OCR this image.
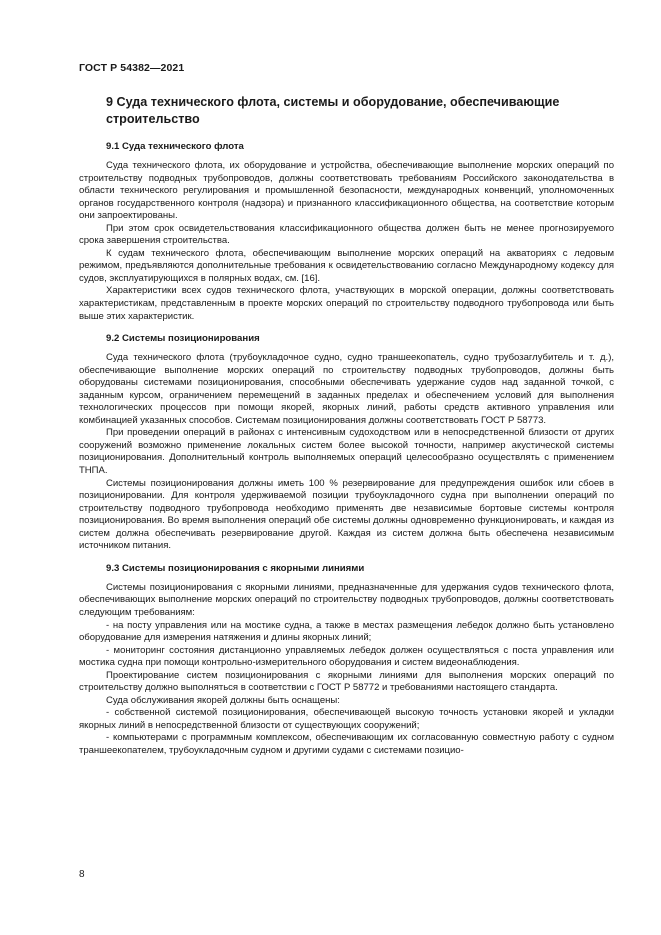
ГОСТ Р 54382—2021
9 Суда технического флота, системы и оборудование, обеспечивающие строительство
9.1 Суда технического флота

Суда технического флота, их оборудование и устройства, обеспечивающие выполнение морских операций по строительству подводных трубопроводов, должны соответствовать требованиям Российского законодательства в области технического регулирования и промышленной безопасности, международных конвенций, уполномоченных органов государственного контроля (надзора) и признанного классификационного общества, на соответствие которым они запроектированы.

При этом срок освидетельствования классификационного общества должен быть не менее прогнозируемого срока завершения строительства.

К судам технического флота, обеспечивающим выполнение морских операций на акваториях с ледовым режимом, предъявляются дополнительные требования к освидетельствованию согласно Международному кодексу для судов, эксплуатирующихся в полярных водах, см. [16].

Характеристики всех судов технического флота, участвующих в морской операции, должны соответствовать характеристикам, представленным в проекте морских операций по строительству подводного трубопровода или быть выше этих характеристик.

9.2 Системы позиционирования

Суда технического флота (трубоукладочное судно, судно траншеекопатель, судно трубозаглубитель и т. д.), обеспечивающие выполнение морских операций по строительству подводных трубопроводов, должны быть оборудованы системами позиционирования, способными обеспечивать удержание судов над заданной точкой, с заданным курсом, ограничением перемещений в заданных пределах и обеспечением условий для выполнения технологических процессов при помощи якорей, якорных линий, работы средств активного управления или комбинацией указанных способов. Системам позиционирования должны соответствовать ГОСТ Р 58773.

При проведении операций в районах с интенсивным судоходством или в непосредственной близости от других сооружений возможно применение локальных систем более высокой точности, например акустической системы позиционирования. Дополнительный контроль выполняемых операций целесообразно осуществлять с применением ТНПА.

Системы позиционирования должны иметь 100 % резервирование для предупреждения ошибок или сбоев в позиционировании. Для контроля удерживаемой позиции трубоукладочного судна при выполнении операций по строительству подводного трубопровода необходимо применять две независимые бортовые системы контроля позиционирования. Во время выполнения операций обе системы должны одновременно функционировать, и каждая из систем должна обеспечивать резервирование другой. Каждая из систем должна быть обеспечена независимым источником питания.

9.3 Системы позиционирования с якорными линиями

Системы позиционирования с якорными линиями, предназначенные для удержания судов технического флота, обеспечивающих выполнение морских операций по строительству подводных трубопроводов, должны соответствовать следующим требованиям:

- на посту управления или на мостике судна, а также в местах размещения лебедок должно быть установлено оборудование для измерения натяжения и длины якорных линий;

- мониторинг состояния дистанционно управляемых лебедок должен осуществляться с поста управления или мостика судна при помощи контрольно-измерительного оборудования и систем видеонаблюдения.

Проектирование систем позиционирования с якорными линиями для выполнения морских операций по строительству должно выполняться в соответствии с ГОСТ Р 58772 и требованиями настоящего стандарта.

Суда обслуживания якорей должны быть оснащены:

- собственной системой позиционирования, обеспечивающей высокую точность установки якорей и укладки якорных линий в непосредственной близости от существующих сооружений;

- компьютерами с программным комплексом, обеспечивающим их согласованную совместную работу с судном траншеекопателем, трубоукладочным судном и другими судами с системами позицио-

8
